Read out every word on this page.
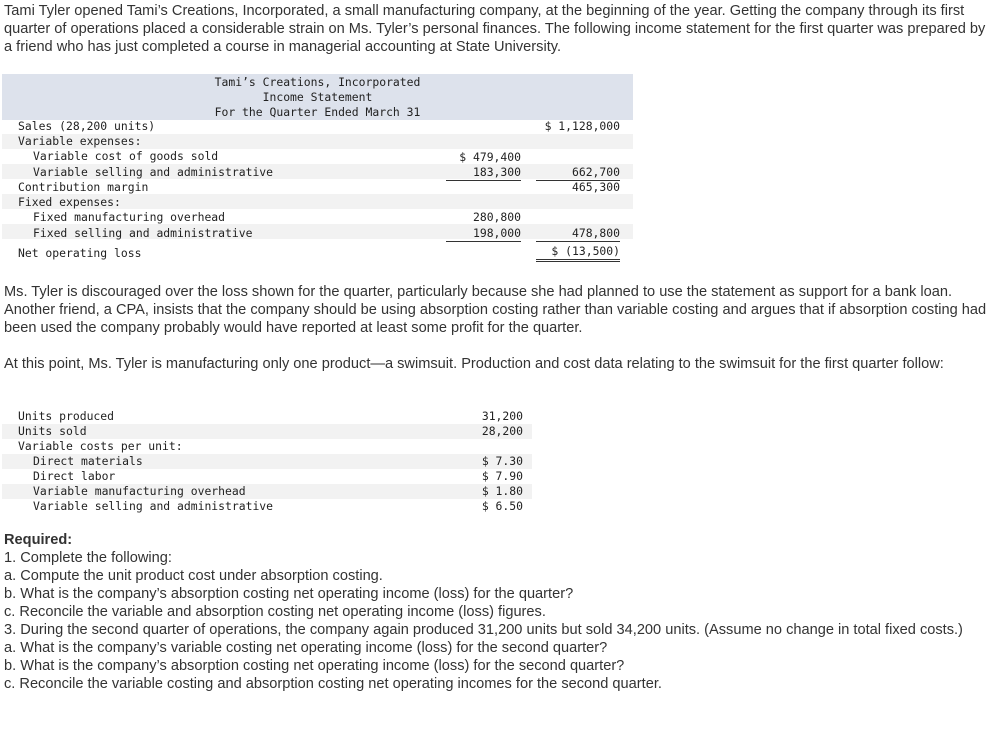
Tami Tyler opened Tami’s Creations, Incorporated, a small manufacturing company, at the beginning of the year. Getting the company through its first quarter of operations placed a considerable strain on Ms. Tyler’s personal finances. The following income statement for the first quarter was prepared by a friend who has just completed a course in managerial accounting at State University.

Tami’s Creations, Incorporated
Income Statement
For the Quarter Ended March 31
Sales (28,200 units)
Variable expenses:
Variable cost of goods sold
Variable selling and administrative
Contribution margin
Fixed expenses:
Fixed manufacturing overhead
Fixed selling and administrative
Net operating loss
$ 479,400
183,300
280,800
198,000
$ 1,128,000
662,700
465,300
478,800
$ (13,500)

Ms. Tyler is discouraged over the loss shown for the quarter, particularly because she had planned to use the statement as support for a bank loan. Another friend, a CPA, insists that the company should be using absorption costing rather than variable costing and argues that if absorption costing had been used the company probably would have reported at least some profit for the quarter.

At this point, Ms. Tyler is manufacturing only one product—a swimsuit. Production and cost data relating to the swimsuit for the first quarter follow:

Units produced
Units sold
Variable costs per unit:
Direct materials
Direct labor
Variable manufacturing overhead
Variable selling and administrative
31,200
28,200
$ 7.30
$ 7.90
$ 1.80
$ 6.50
Required:
1. Complete the following:
a. Compute the unit product cost under absorption costing.
b. What is the company’s absorption costing net operating income (loss) for the quarter?
c. Reconcile the variable and absorption costing net operating income (loss) figures.
3. During the second quarter of operations, the company again produced 31,200 units but sold 34,200 units. (Assume no change in total fixed costs.)
a. What is the company’s variable costing net operating income (loss) for the second quarter?
b. What is the company’s absorption costing net operating income (loss) for the second quarter?
c. Reconcile the variable costing and absorption costing net operating incomes for the second quarter.
